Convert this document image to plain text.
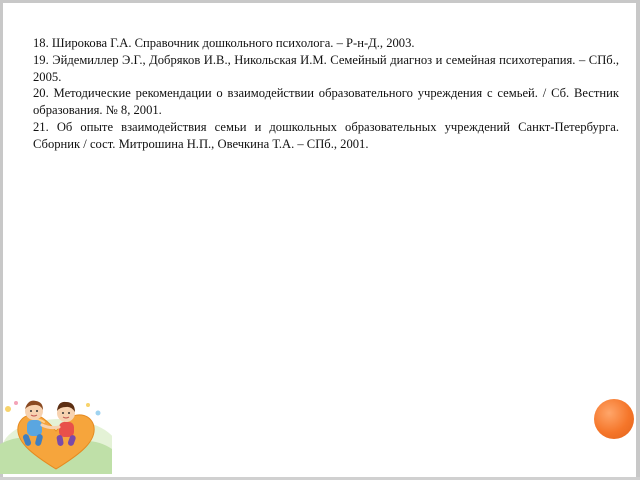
18. Широкова Г.А. Справочник дошкольного психолога. – Р-н-Д., 2003.

19. Эйдемиллер Э.Г., Добряков И.В., Никольская И.М. Семейный диагноз и семейная психотерапия. – СПб., 2005.

20. Методические рекомендации о взаимодействии образовательного учреждения с семьей. / Сб. Вестник образования. № 8, 2001.

21. Об опыте взаимодействия семьи и дошкольных образовательных учреждений Санкт-Петербурга. Сборник / сост. Митрошина Н.П., Овечкина Т.А. – СПб., 2001.
